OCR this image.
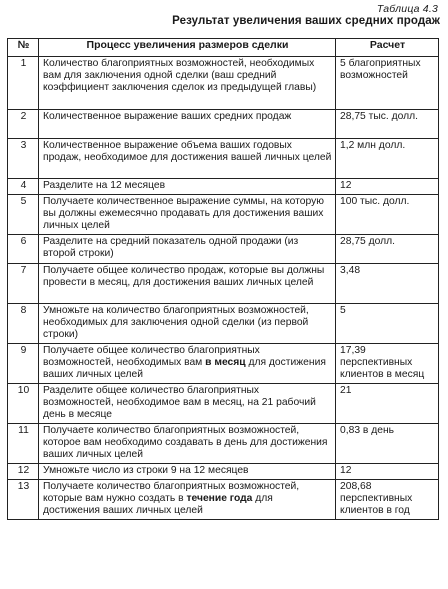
Таблица 4.3
Результат увеличения ваших средних продаж
№	Процесс увеличения размеров сделки	Расчет
1	Количество благоприятных возможностей, необходимых вам для заключения одной сделки (ваш средний коэффициент заключения сделок из предыдущей главы)	5 благоприятных возможностей
2	Количественное выражение ваших средних продаж	28,75 тыс. долл.
3	Количественное выражение объема ваших годовых продаж, необходимое для достижения вашей личных целей	1,2 млн долл.
4	Разделите на 12 месяцев	12
5	Получаете количественное выражение суммы, на которую вы должны ежемесячно продавать для достижения ваших личных целей	100 тыс. долл.
6	Разделите на средний показатель одной продажи (из второй строки)	28,75 долл.
7	Получаете общее количество продаж, которые вы должны провести в месяц, для достижения ваших личных целей	3,48
8	Умножьте на количество благоприятных возможностей, необходимых для заключения одной сделки (из первой строки)	5
9	Получаете общее количество благоприятных возможностей, необходимых вам в месяц для достижения ваших личных целей	17,39 перспективных клиентов в месяц
10	Разделите общее количество благоприятных возможностей, необходимое вам в месяц, на 21 рабочий день в месяце	21
11	Получаете количество благоприятных возможностей, которое вам необходимо создавать в день для достижения ваших личных целей	0,83 в день
12	Умножьте число из строки 9 на 12 месяцев	12
13	Получаете количество благоприятных возможностей, которые вам нужно создать в течение года для достижения ваших личных целей	208,68 перспективных клиентов в год
